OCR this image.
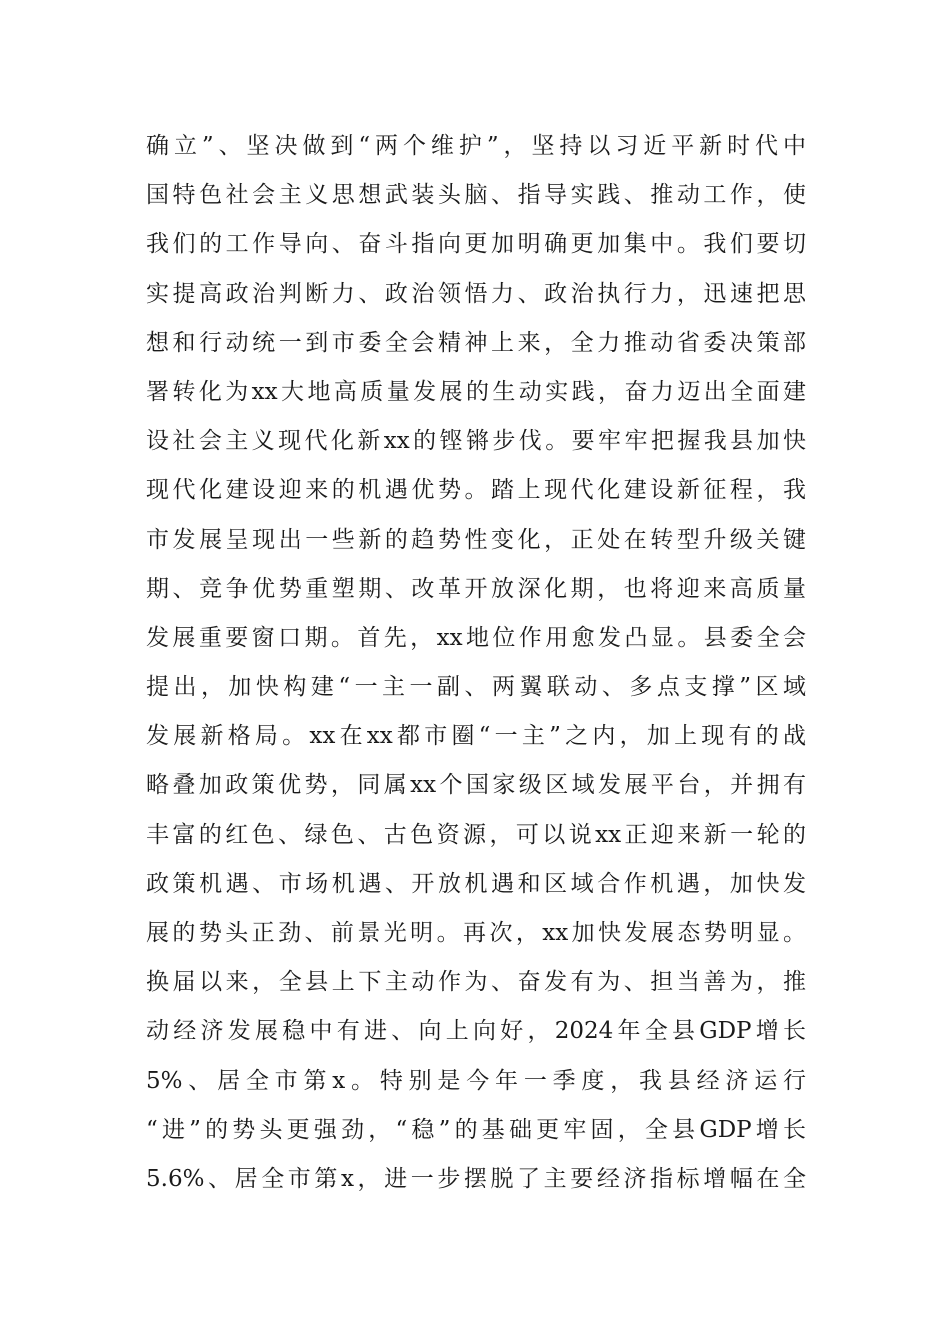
确立”、坚决做到“两个维护”，坚持以习近平新时代中
国特色社会主义思想武装头脑、指导实践、推动工作，使
我们的工作导向、奋斗指向更加明确更加集中。我们要切
实提高政治判断力、政治领悟力、政治执行力，迅速把思
想和行动统一到市委全会精神上来，全力推动省委决策部
署转化为xx大地高质量发展的生动实践，奋力迈出全面建
设社会主义现代化新xx的铿锵步伐。要牢牢把握我县加快
现代化建设迎来的机遇优势。踏上现代化建设新征程，我
市发展呈现出一些新的趋势性变化，正处在转型升级关键
期、竞争优势重塑期、改革开放深化期，也将迎来高质量
发展重要窗口期。首先，xx地位作用愈发凸显。县委全会
提出，加快构建“一主一副、两翼联动、多点支撑”区域
发展新格局。xx在xx都市圈“一主”之内，加上现有的战
略叠加政策优势，同属xx个国家级区域发展平台，并拥有
丰富的红色、绿色、古色资源，可以说xx正迎来新一轮的
政策机遇、市场机遇、开放机遇和区域合作机遇，加快发
展的势头正劲、前景光明。再次，xx加快发展态势明显。
换届以来，全县上下主动作为、奋发有为、担当善为，推
动经济发展稳中有进、向上向好，2024年全县GDP增长
5%、居全市第x。特别是今年一季度，我县经济运行
“进”的势头更强劲，“稳”的基础更牢固，全县GDP增长
5.6%、居全市第x，进一步摆脱了主要经济指标增幅在全
